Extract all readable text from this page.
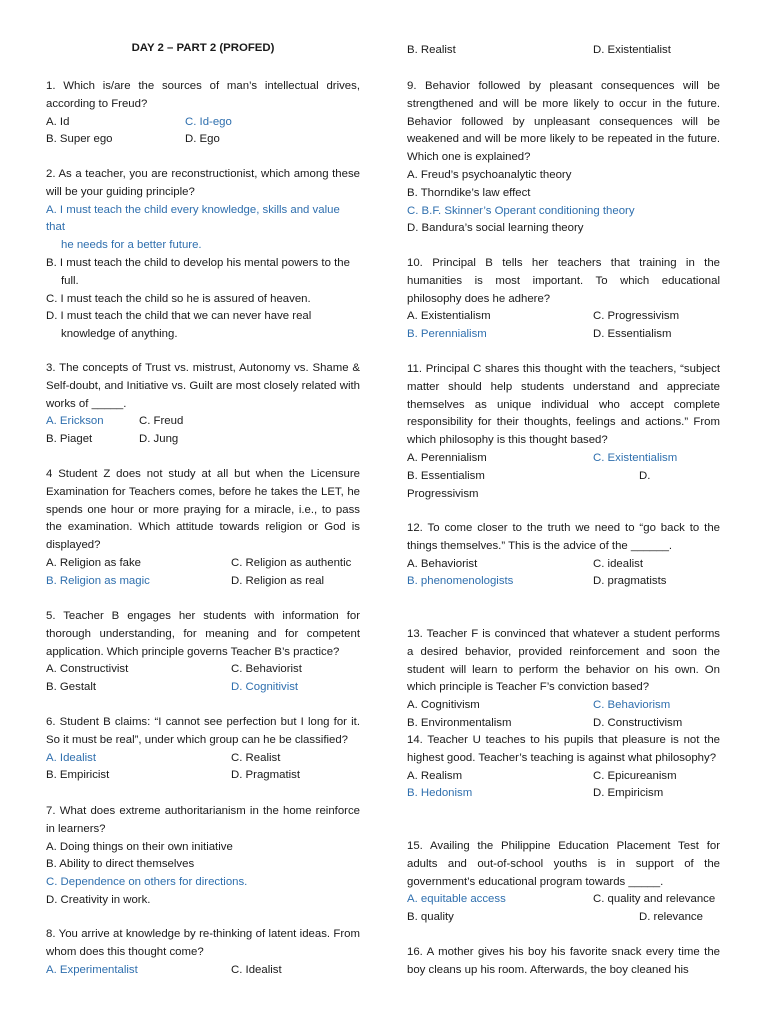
DAY 2 – PART 2 (PROFED)

1. Which is/are the sources of man’s intellectual drives, according to Freud?

A. Id	C. Id-ego
B. Super ego	D. Ego

2. As a teacher, you are reconstructionist, which among these will be your guiding principle?

A. I must teach the child every knowledge, skills and value that
he needs for a better future.
B. I must teach the child to develop his mental powers to the
full.
C. I must teach the child so he is assured of heaven.
D. I must teach the child that we can never have real
knowledge of anything.

3. The concepts of Trust vs. mistrust, Autonomy vs. Shame & Self-doubt, and Initiative vs. Guilt are most closely related with works of _____.

A. Erickson	C. Freud
B. Piaget	D. Jung

4 Student Z does not study at all but when the Licensure Examination for Teachers comes, before he takes the LET, he spends one hour or more praying for a miracle, i.e., to pass the examination. Which attitude towards religion or God is displayed?

A. Religion as fake	C. Religion as authentic
B. Religion as magic	D. Religion as real

5. Teacher B engages her students with information for thorough understanding, for meaning and for competent application. Which principle governs Teacher B’s practice?

A. Constructivist	C. Behaviorist
B. Gestalt	D. Cognitivist

6. Student B claims: “I cannot see perfection but I long for it. So it must be real”, under which group can he be classified?

A. Idealist	C. Realist
B. Empiricist	D. Pragmatist

7. What does extreme authoritarianism in the home reinforce in learners?

A. Doing things on their own initiative
B. Ability to direct themselves
C. Dependence on others for directions.
D. Creativity in work.

8. You arrive at knowledge by re-thinking of latent ideas. From whom does this thought come?

A. Experimentalist	C. Idealist
B. Realist	D. Existentialist

9. Behavior followed by pleasant consequences will be strengthened and will be more likely to occur in the future. Behavior followed by unpleasant consequences will be weakened and will be more likely to be repeated in the future. Which one is explained?

A. Freud’s psychoanalytic theory
B. Thorndike’s law effect
C. B.F. Skinner’s Operant conditioning theory
D. Bandura’s social learning theory

10. Principal B tells her teachers that training in the humanities is most important. To which educational philosophy does he adhere?

A. Existentialism	C. Progressivism
B. Perennialism	D. Essentialism

11. Principal C shares this thought with the teachers, “subject matter should help students understand and appreciate themselves as unique individual who accept complete responsibility for their thoughts, feelings and actions.” From which philosophy is this thought based?

A. Perennialism	C. Existentialism
B. Essentialism	D.
Progressivism

12. To come closer to the truth we need to “go back to the things themselves.” This is the advice of the ______.

A. Behaviorist	C. idealist
B. phenomenologists	D. pragmatists

13. Teacher F is convinced that whatever a student performs a desired behavior, provided reinforcement and soon the student will learn to perform the behavior on his own. On which principle is Teacher F’s conviction based?

A. Cognitivism	C. Behaviorism
B. Environmentalism	D. Constructivism

14. Teacher U teaches to his pupils that pleasure is not the highest good. Teacher’s teaching is against what philosophy?

A. Realism	C. Epicureanism
B. Hedonism	D. Empiricism

15. Availing the Philippine Education Placement Test for adults and out-of-school youths is in support of the government’s educational program towards _____.

A. equitable access	C. quality and relevance
B. quality	D. relevance

16. A mother gives his boy his favorite snack every time the boy cleans up his room. Afterwards, the boy cleaned his
